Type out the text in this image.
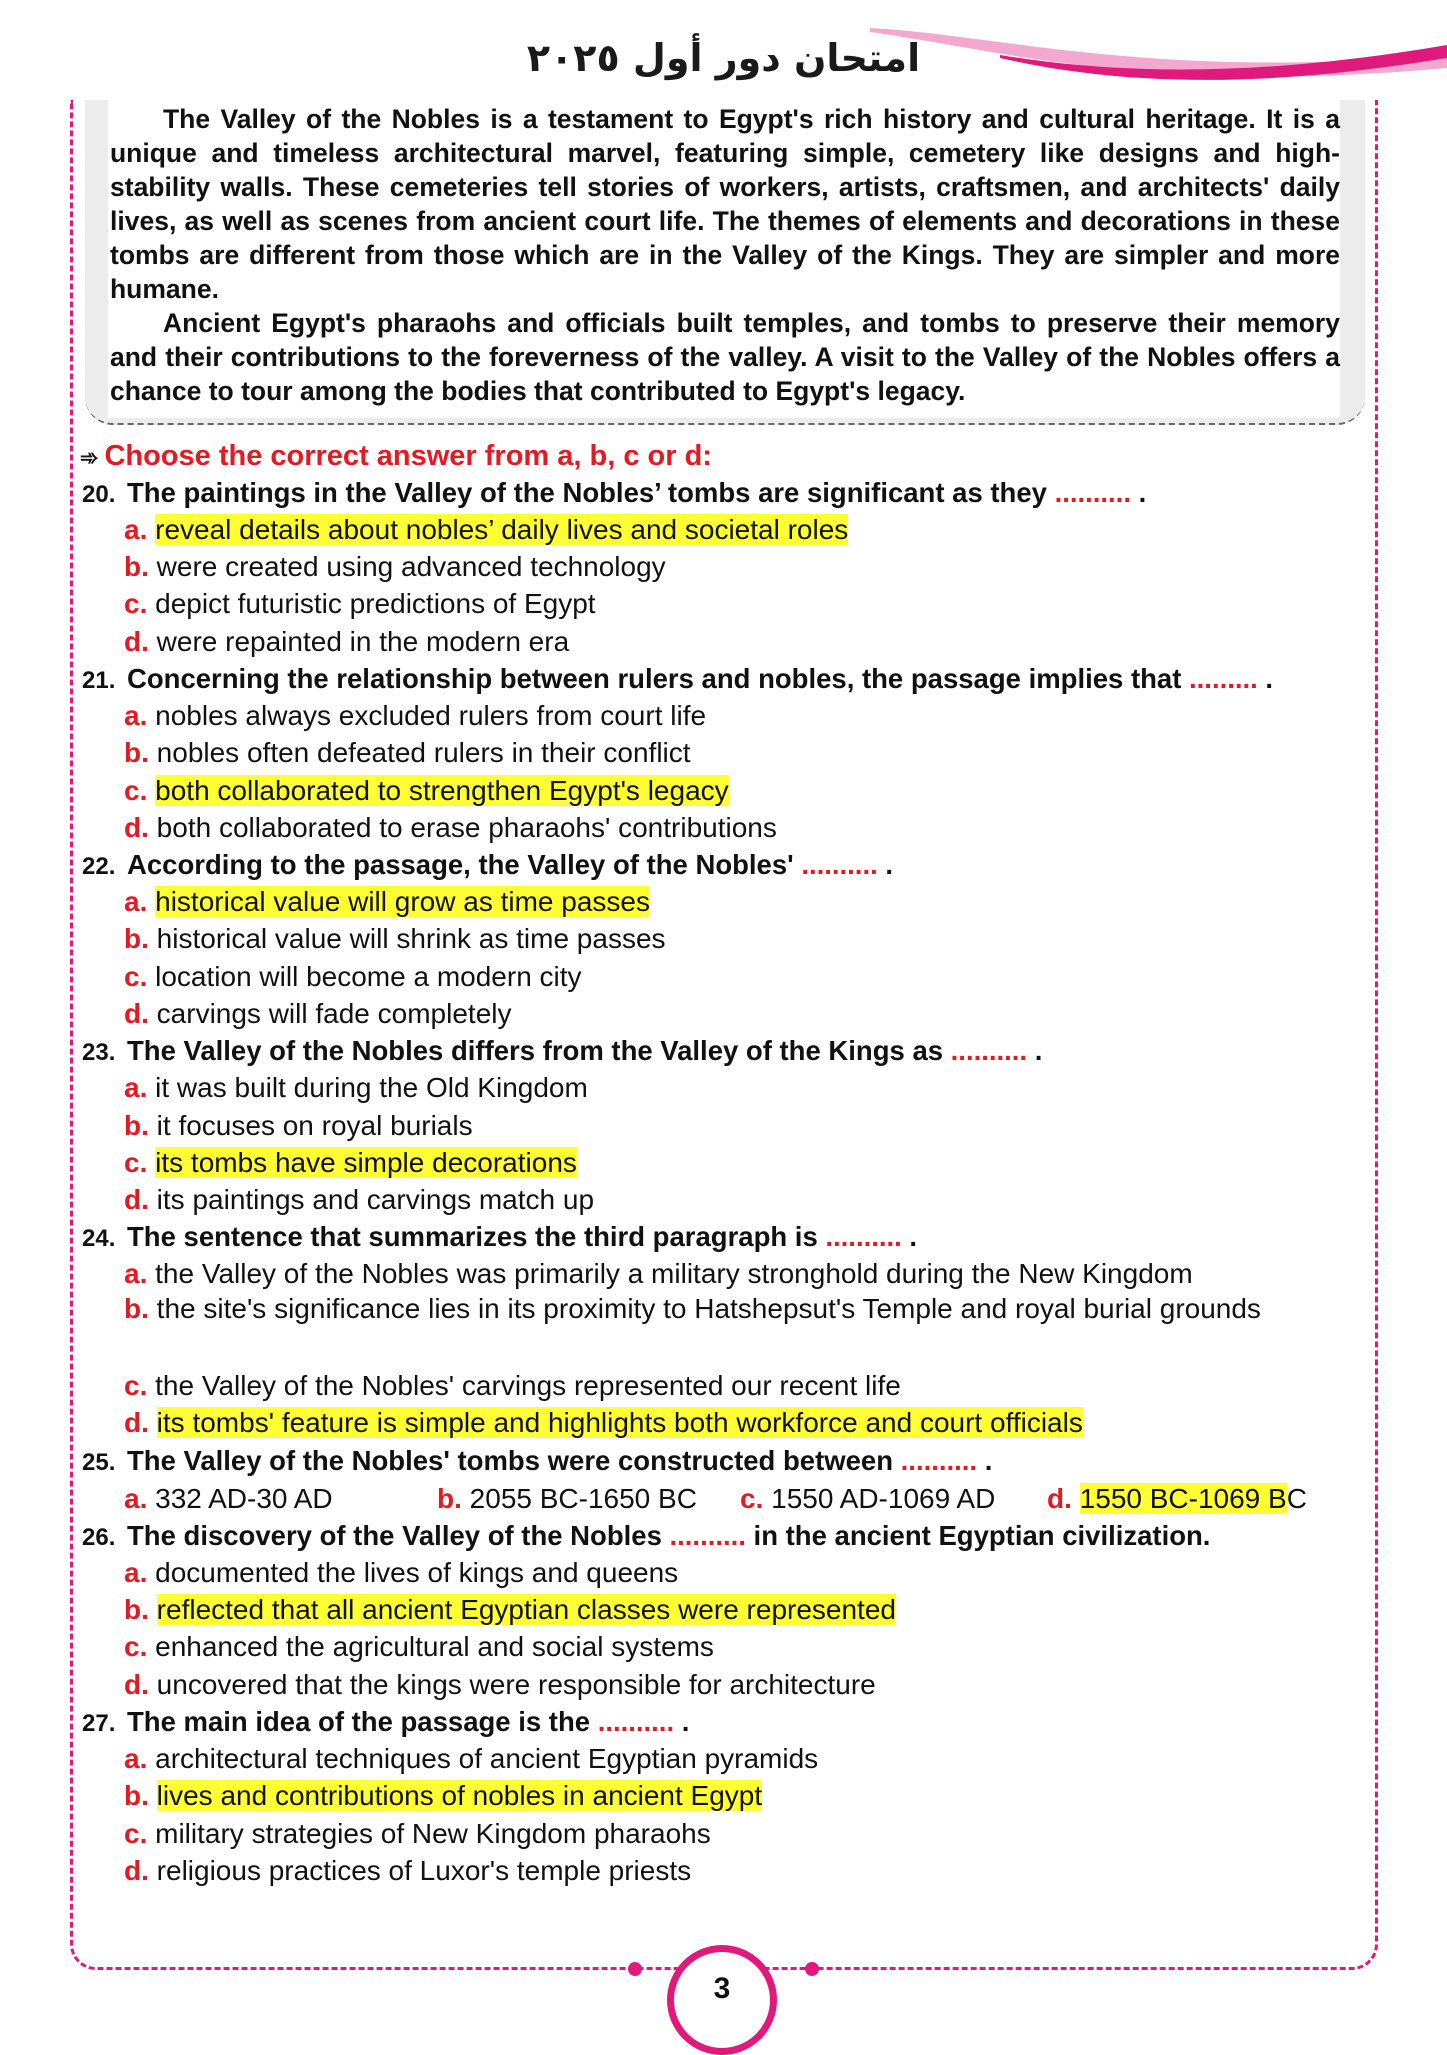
امتحان دور أول ٢٠٢٥

The Valley of the Nobles is a testament to Egypt's rich history and cultural heritage. It is a unique and timeless architectural marvel, featuring simple, cemetery like designs and high-stability walls. These cemeteries tell stories of workers, artists, craftsmen, and architects' daily lives, as well as scenes from ancient court life. The themes of elements and decorations in these tombs are different from those which are in the Valley of the Kings. They are simpler and more humane.

Ancient Egypt's pharaohs and officials built temples, and tombs to preserve their memory and their contributions to the foreverness of the valley. A visit to the Valley of the Nobles offers a chance to tour among the bodies that contributed to Egypt's legacy.

➾ Choose the correct answer from a, b, c or d:
20. The paintings in the Valley of the Nobles’ tombs are significant as they .......... .
a. reveal details about nobles’ daily lives and societal roles
b. were created using advanced technology
c. depict futuristic predictions of Egypt
d. were repainted in the modern era
21. Concerning the relationship between rulers and nobles, the passage implies that ......... .
a. nobles always excluded rulers from court life
b. nobles often defeated rulers in their conflict
c. both collaborated to strengthen Egypt's legacy
d. both collaborated to erase pharaohs' contributions
22. According to the passage, the Valley of the Nobles' .......... .
a. historical value will grow as time passes
b. historical value will shrink as time passes
c. location will become a modern city
d. carvings will fade completely
23. The Valley of the Nobles differs from the Valley of the Kings as .......... .
a. it was built during the Old Kingdom
b. it focuses on royal burials
c. its tombs have simple decorations
d. its paintings and carvings match up
24. The sentence that summarizes the third paragraph is .......... .
a. the Valley of the Nobles was primarily a military stronghold during the New Kingdom
b. the site's significance lies in its proximity to Hatshepsut's Temple and royal burial grounds
c. the Valley of the Nobles' carvings represented our recent life
d. its tombs' feature is simple and highlights both workforce and court officials
25. The Valley of the Nobles' tombs were constructed between .......... .
a. 332 AD-30 AD	b. 2055 BC-1650 BC c. 1550 AD-1069 AD d. 1550 BC-1069 BC
26. The discovery of the Valley of the Nobles .......... in the ancient Egyptian civilization.
a. documented the lives of kings and queens
b. reflected that all ancient Egyptian classes were represented
c. enhanced the agricultural and social systems
d. uncovered that the kings were responsible for architecture
27. The main idea of the passage is the .......... .
a. architectural techniques of ancient Egyptian pyramids
b. lives and contributions of nobles in ancient Egypt
c. military strategies of New Kingdom pharaohs
d. religious practices of Luxor's temple priests
3
